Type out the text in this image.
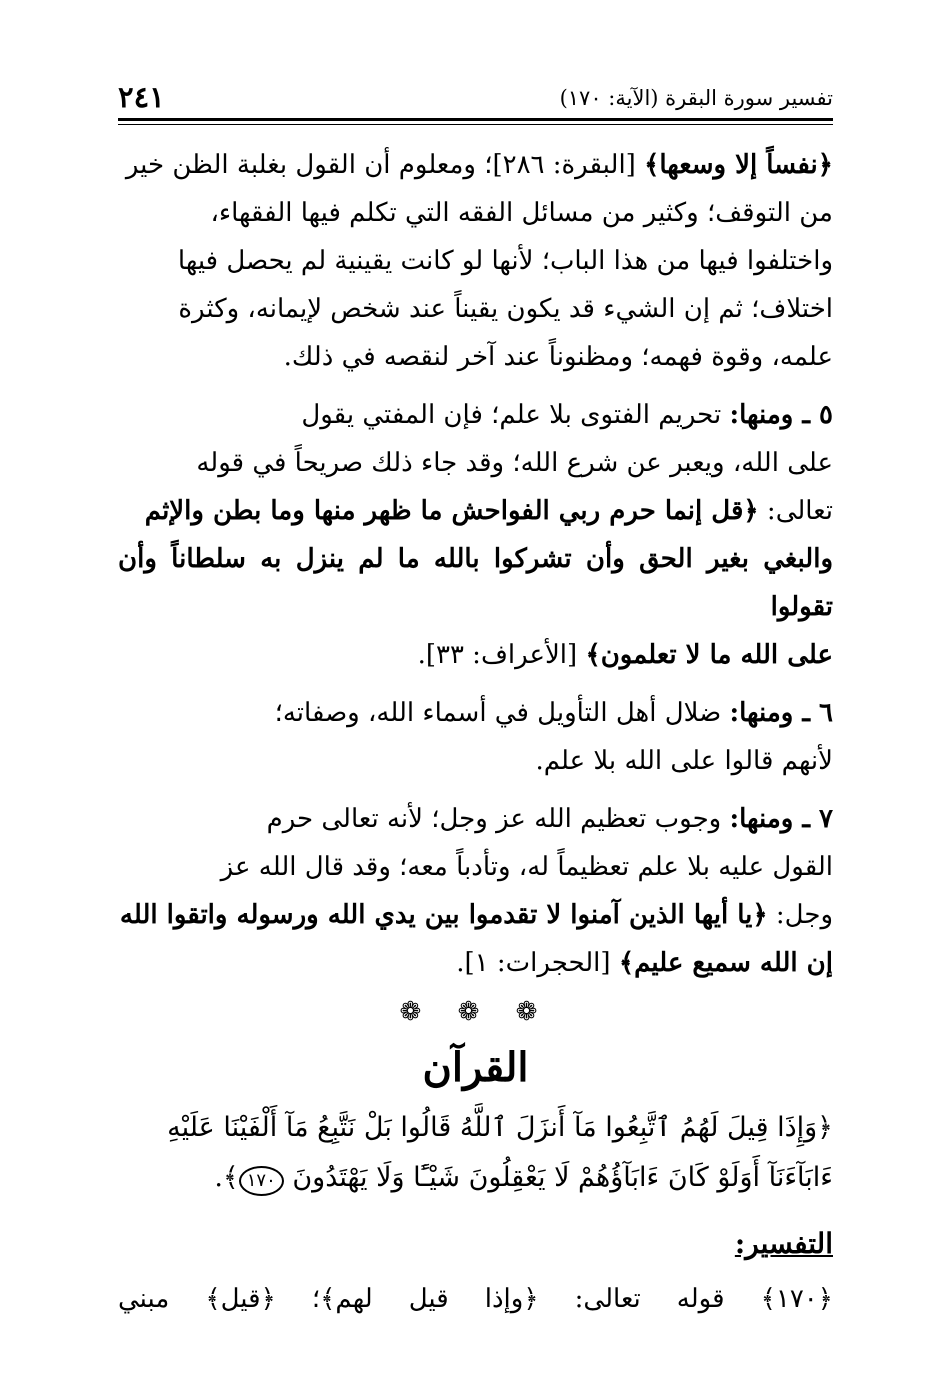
تفسير سورة البقرة (الآية: ١٧٠)
٢٤١

﴿نفساً إلا وسعها﴾ [البقرة: ٢٨٦]؛ ومعلوم أن القول بغلبة الظن خير

من التوقف؛ وكثير من مسائل الفقه التي تكلم فيها الفقهاء،

واختلفوا فيها من هذا الباب؛ لأنها لو كانت يقينية لم يحصل فيها

اختلاف؛ ثم إن الشيء قد يكون يقيناً عند شخص لإيمانه، وكثرة

علمه، وقوة فهمه؛ ومظنوناً عند آخر لنقصه في ذلك.

٥ ـ ومنها: تحريم الفتوى بلا علم؛ فإن المفتي يقول

على الله، ويعبر عن شرع الله؛ وقد جاء ذلك صريحاً في قوله

تعالى: ﴿قل إنما حرم ربي الفواحش ما ظهر منها وما بطن والإثم

والبغي بغير الحق وأن تشركوا بالله ما لم ينزل به سلطاناً وأن تقولوا

على الله ما لا تعلمون﴾ [الأعراف: ٣٣].

٦ ـ ومنها: ضلال أهل التأويل في أسماء الله، وصفاته؛

لأنهم قالوا على الله بلا علم.

٧ ـ ومنها: وجوب تعظيم الله عز وجل؛ لأنه تعالى حرم

القول عليه بلا علم تعظيماً له، وتأدباً معه؛ وقد قال الله عز

وجل: ﴿يا أيها الذين آمنوا لا تقدموا بين يدي الله ورسوله واتقوا الله

إن الله سميع عليم﴾ [الحجرات: ١].

❁ ❁ ❁
القرآن
﴿وَإِذَا قِيلَ لَهُمُ ٱتَّبِعُوا مَآ أَنزَلَ ٱللَّهُ قَالُوا بَلْ نَتَّبِعُ مَآ أَلْفَيْنَا عَلَيْهِ
ءَابَآءَنَآ أَوَلَوْ كَانَ ءَابَآؤُهُمْ لَا يَعْقِلُونَ شَيْـًٔا وَلَا يَهْتَدُونَ ١٧٠﴾.
التفسير:
﴿١٧٠﴾ قوله تعالى: ﴿وإذا قيل لهم﴾؛ ﴿قيل﴾ مبني
